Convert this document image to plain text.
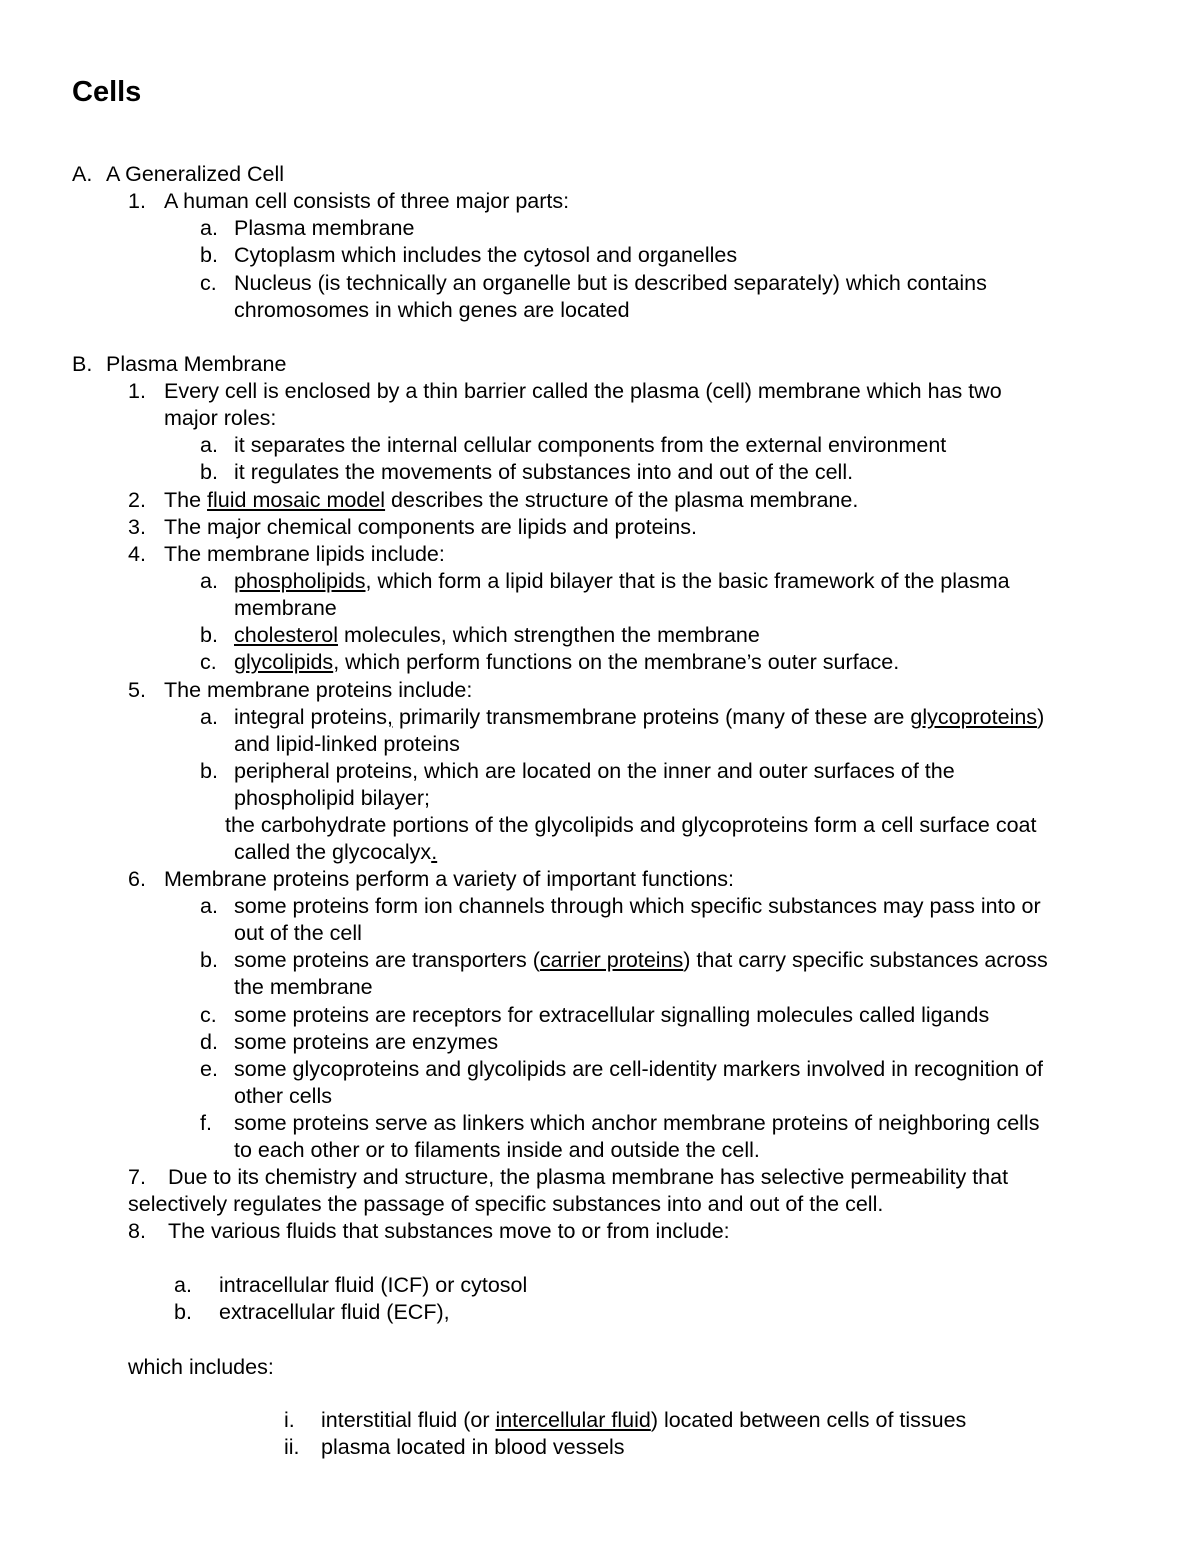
Cells
A. A Generalized Cell
1. A human cell consists of three major parts:
a. Plasma membrane
b. Cytoplasm which includes the cytosol and organelles
c. Nucleus (is technically an organelle but is described separately) which contains
chromosomes in which genes are located
B. Plasma Membrane
1. Every cell is enclosed by a thin barrier called the plasma (cell) membrane which has two
major roles:
a. it separates the internal cellular components from the external environment
b. it regulates the movements of substances into and out of the cell.
2. The fluid mosaic model describes the structure of the plasma membrane.
3. The major chemical components are lipids and proteins.
4. The membrane lipids include:
a. phospholipids, which form a lipid bilayer that is the basic framework of the plasma
membrane
b. cholesterol molecules, which strengthen the membrane
c. glycolipids, which perform functions on the membrane’s outer surface.
5. The membrane proteins include:
a. integral proteins, primarily transmembrane proteins (many of these are glycoproteins)
and lipid-linked proteins
b. peripheral proteins, which are located on the inner and outer surfaces of the
phospholipid bilayer;
the carbohydrate portions of the glycolipids and glycoproteins form a cell surface coat
called the glycocalyx.
6. Membrane proteins perform a variety of important functions:
a. some proteins form ion channels through which specific substances may pass into or
out of the cell
b. some proteins are transporters (carrier proteins) that carry specific substances across
the membrane
c. some proteins are receptors for extracellular signalling molecules called ligands
d. some proteins are enzymes
e. some glycoproteins and glycolipids are cell-identity markers involved in recognition of
other cells
f. some proteins serve as linkers which anchor membrane proteins of neighboring cells
to each other or to filaments inside and outside the cell.
7. Due to its chemistry and structure, the plasma membrane has selective permeability that
selectively regulates the passage of specific substances into and out of the cell.
8. The various fluids that substances move to or from include:
a. intracellular fluid (ICF) or cytosol
b. extracellular fluid (ECF),
which includes:
i. interstitial fluid (or intercellular fluid) located between cells of tissues
ii. plasma located in blood vessels
